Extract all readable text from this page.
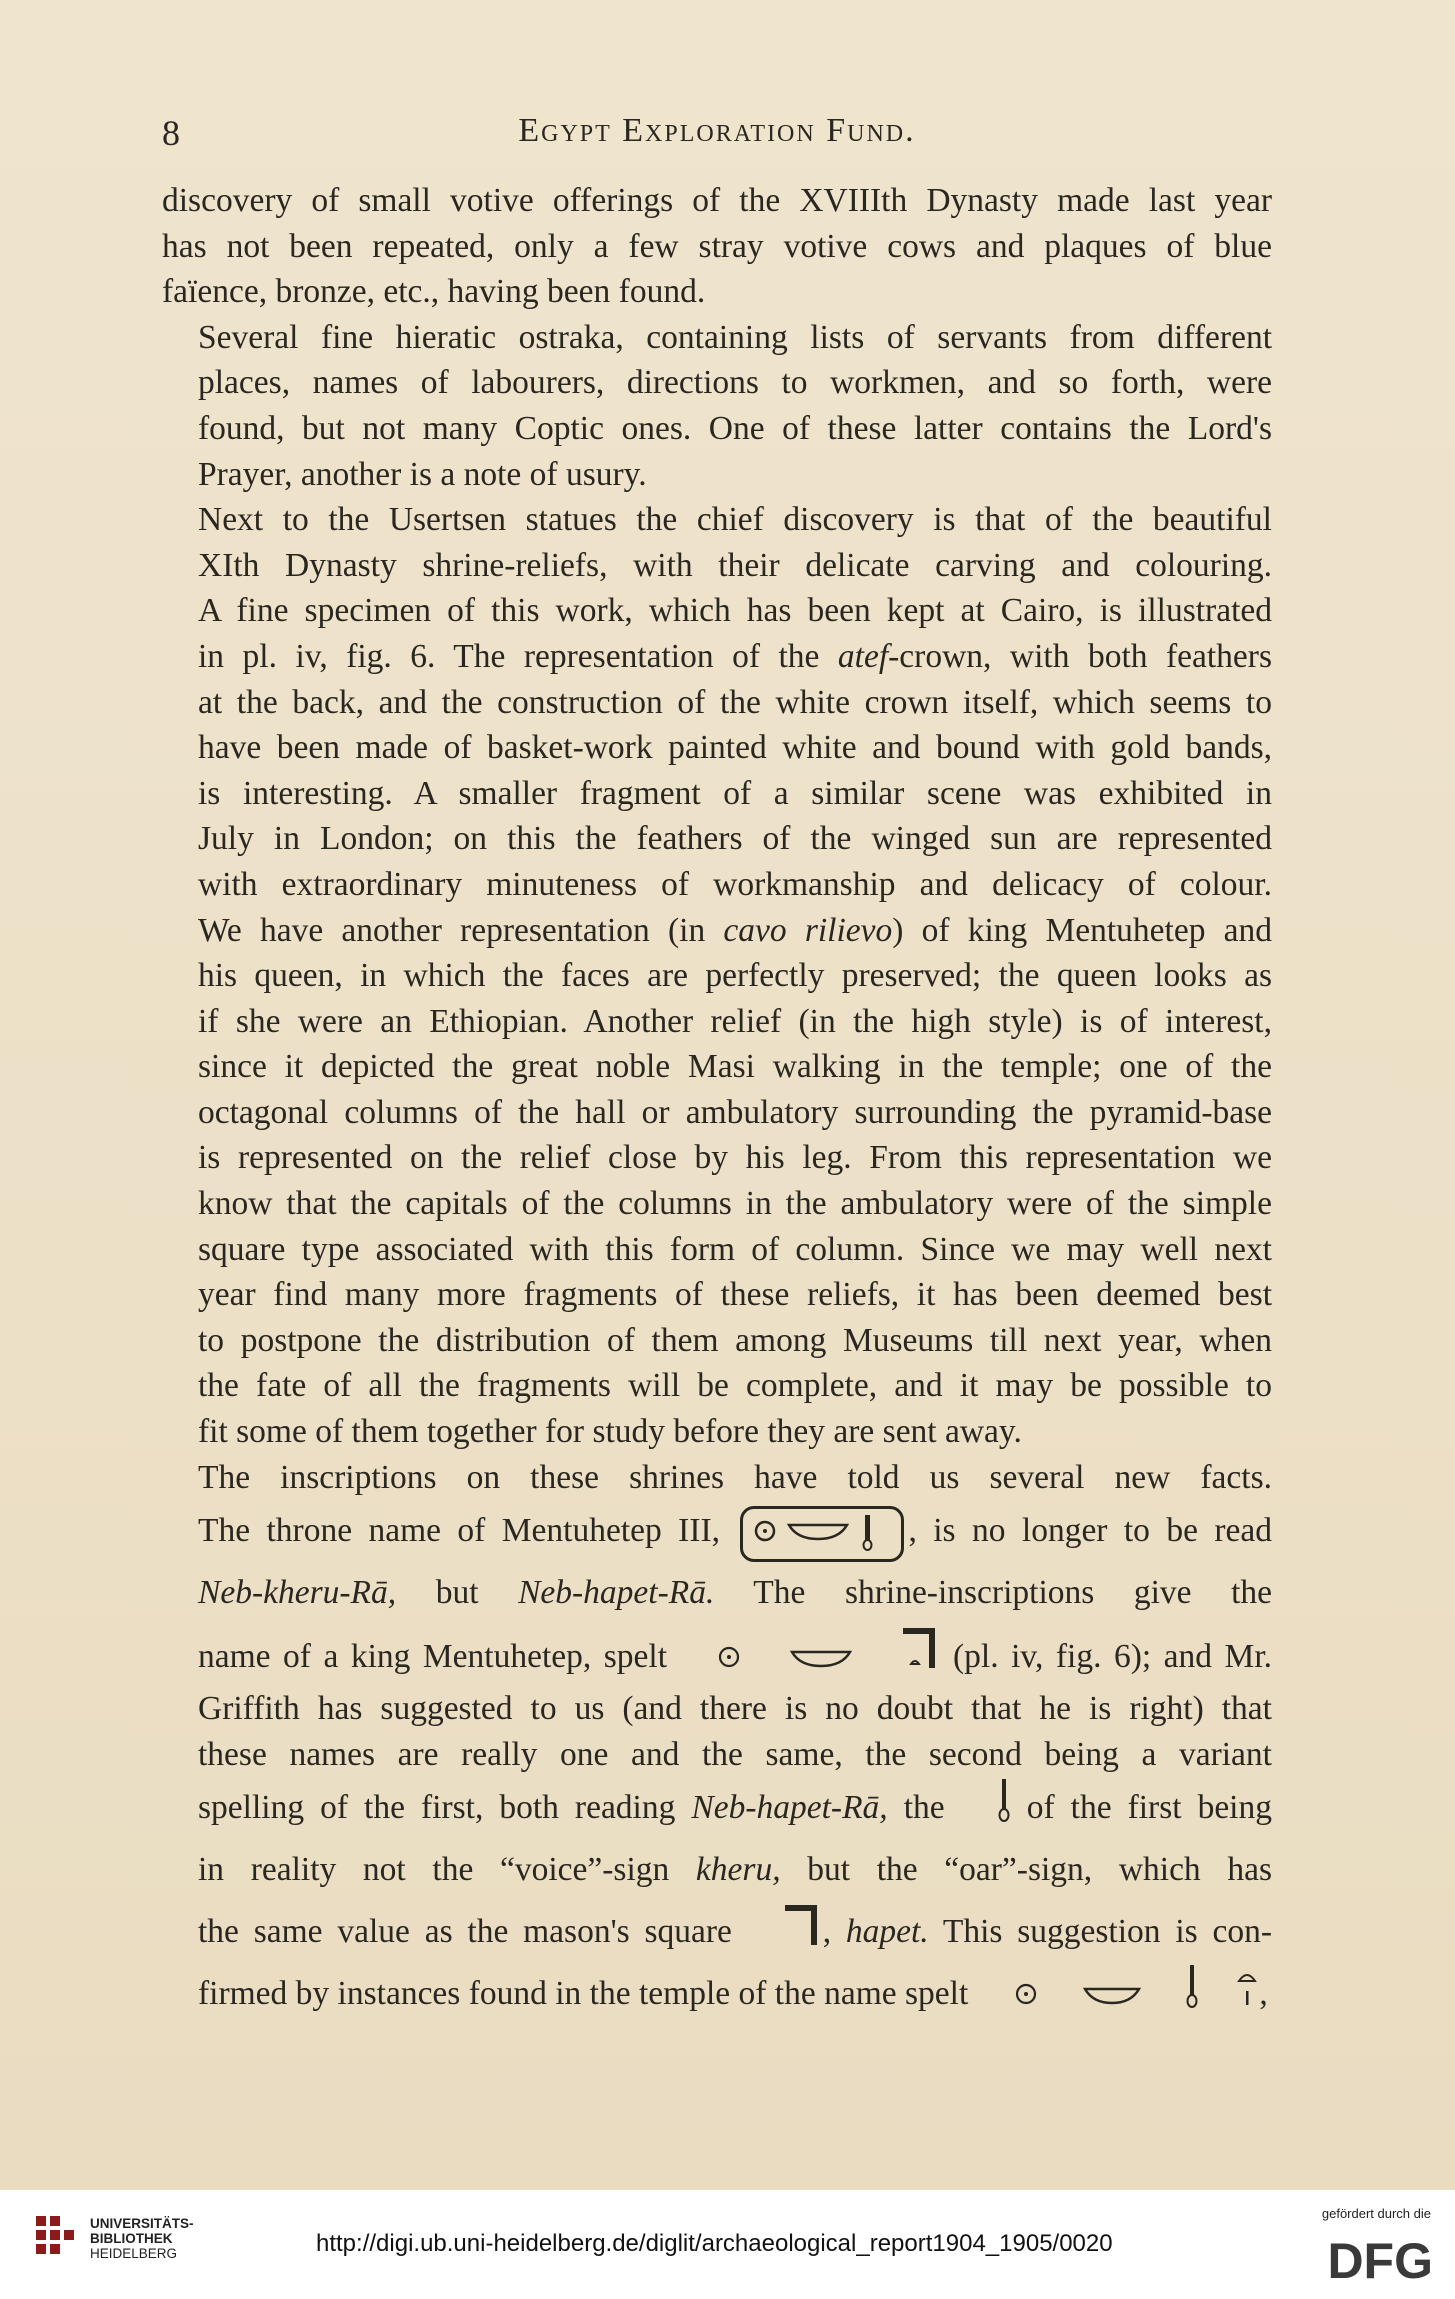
8	Egypt Exploration Fund.

discovery of small votive offerings of the XVIIIth Dynasty made last year
has not been repeated, only a few stray votive cows and plaques of blue
faïence, bronze, etc., having been found.

Several fine hieratic ostraka, containing lists of servants from different
places, names of labourers, directions to workmen, and so forth, were
found, but not many Coptic ones. One of these latter contains the Lord's
Prayer, another is a note of usury.

Next to the Usertsen statues the chief discovery is that of the beautiful
XIth Dynasty shrine-reliefs, with their delicate carving and colouring.
A fine specimen of this work, which has been kept at Cairo, is illustrated
in pl. iv, fig. 6. The representation of the atef-crown, with both feathers
at the back, and the construction of the white crown itself, which seems to
have been made of basket-work painted white and bound with gold bands,
is interesting. A smaller fragment of a similar scene was exhibited in
July in London; on this the feathers of the winged sun are represented
with extraordinary minuteness of workmanship and delicacy of colour.
We have another representation (in cavo rilievo) of king Mentuhetep and
his queen, in which the faces are perfectly preserved; the queen looks as
if she were an Ethiopian. Another relief (in the high style) is of interest,
since it depicted the great noble Masi walking in the temple; one of the
octagonal columns of the hall or ambulatory surrounding the pyramid-base
is represented on the relief close by his leg. From this representation we
know that the capitals of the columns in the ambulatory were of the simple
square type associated with this form of column. Since we may well next
year find many more fragments of these reliefs, it has been deemed best
to postpone the distribution of them among Museums till next year, when
the fate of all the fragments will be complete, and it may be possible to
fit some of them together for study before they are sent away.

The inscriptions on these shrines have told us several new facts.
The throne name of Mentuhetep III,	, is no longer to be read
Neb-kheru-Rā, but Neb-hapet-Rā. The shrine-inscriptions give the
name of a king Mentuhetep, spelt	(pl. iv, fig. 6); and Mr.
Griffith has suggested to us (and there is no doubt that he is right) that
these names are really one and the same, the second being a variant
spelling of the first, both reading Neb-hapet-Rā, the of the first being
in reality not the “voice”-sign kheru, but the “oar”-sign, which has
the same value as the mason's square	, hapet. This suggestion is con-
firmed by instances found in the temple of the name spelt	,

UNIVERSITÄTS-
BIBLIOTHEK
HEIDELBERG	http://digi.ub.uni-heidelberg.de/diglit/archaeological_report1904_1905/0020
gefördert durch die
DFG
